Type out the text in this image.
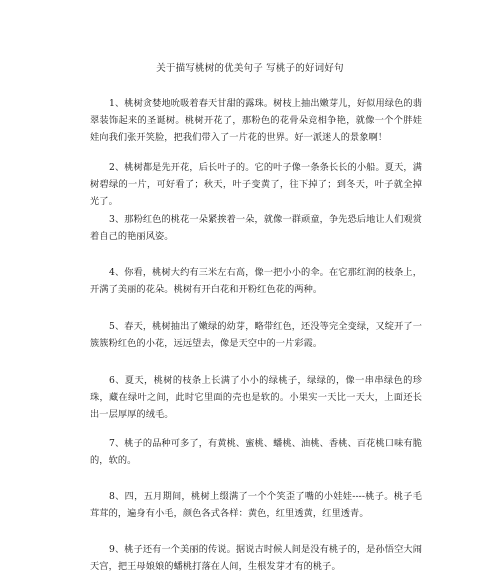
关于描写桃树的优美句子 写桃子的好词好句

1、桃树贪婪地吮吸着春天甘甜的露珠。树枝上抽出嫩芽儿，好似用绿色的翡翠装饰起来的圣诞树。桃树开花了，那粉色的花骨朵竞相争艳，就像一个个胖娃娃向我们张开笑脸，把我们带入了一片花的世界。好一派迷人的景象啊！

2、桃树都是先开花，后长叶子的。它的叶子像一条条长长的小船。夏天，满树碧绿的一片，可好看了；秋天，叶子变黄了，往下掉了；到冬天，叶子就全掉光了。

3、那粉红色的桃花一朵紧挨着一朵，就像一群顽童，争先恐后地让人们观赏着自己的艳丽风姿。

4、你看，桃树大约有三米左右高，像一把小小的伞。在它那红润的枝条上，开满了美丽的花朵。桃树有开白花和开粉红色花的两种。

5、春天，桃树抽出了嫩绿的幼芽，略带红色，还没等完全变绿，又绽开了一簇簇粉红色的小花，远远望去，像是天空中的一片彩霞。

6、夏天，桃树的枝条上长满了小小的绿桃子，绿绿的，像一串串绿色的珍珠，藏在绿叶之间，此时它里面的壳也是软的。小果实一天比一天大，上面还长出一层厚厚的绒毛。

7、桃子的品种可多了，有黄桃、蜜桃、蟠桃、油桃、香桃、百花桃口味有脆的，软的。

8、四，五月期间，桃树上缀满了一个个笑歪了嘴的小娃娃----桃子。桃子毛茸茸的，遍身有小毛，颜色各式各样：黄色，红里透黄，红里透青。

9、桃子还有一个美丽的传说。据说古时候人间是没有桃子的，是孙悟空大闹天宫，把王母娘娘的蟠桃打落在人间，生根发芽才有的桃子。
